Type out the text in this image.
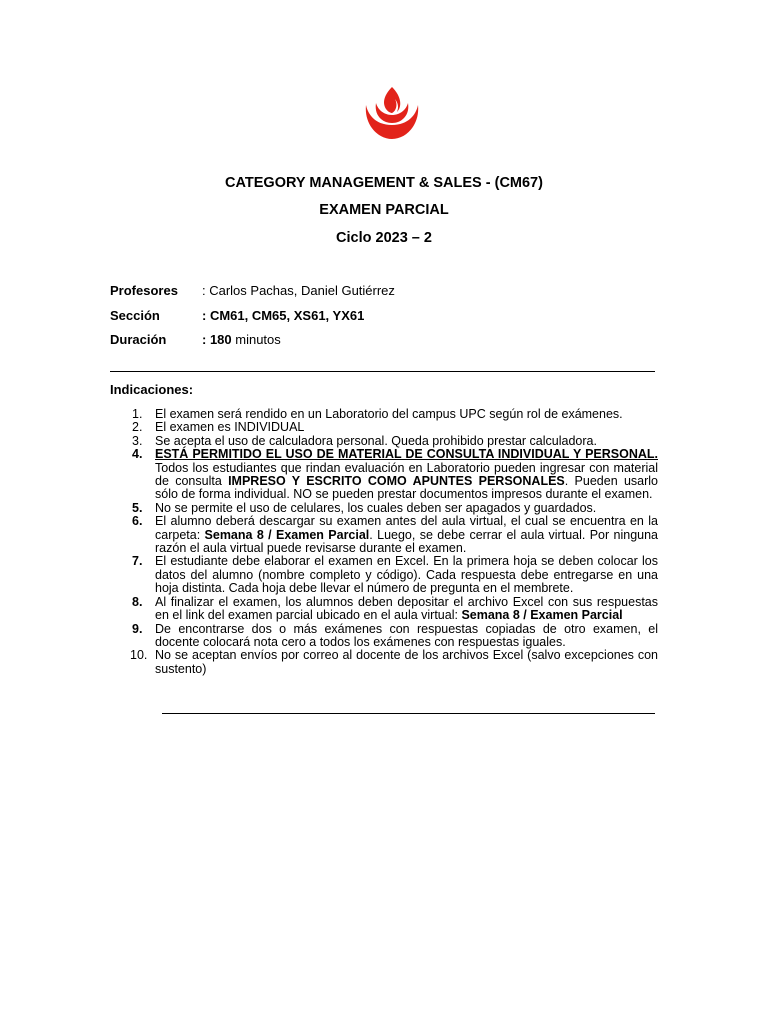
CATEGORY MANAGEMENT & SALES - (CM67)
EXAMEN PARCIAL
Ciclo 2023 – 2
Profesores : Carlos Pachas, Daniel Gutiérrez
Sección	: CM61, CM65, XS61, YX61
Duración	: 180 minutos
Indicaciones:
1.	El examen será rendido en un Laboratorio del campus UPC según rol de exámenes.
2.	El examen es INDIVIDUAL
3.	Se acepta el uso de calculadora personal. Queda prohibido prestar calculadora.
4.	ESTÁ PERMITIDO EL USO DE MATERIAL DE CONSULTA INDIVIDUAL Y PERSONAL. Todos los estudiantes que rindan evaluación en Laboratorio pueden ingresar con material de consulta IMPRESO Y ESCRITO COMO APUNTES PERSONALES. Pueden usarlo sólo de forma individual. NO se pueden prestar documentos impresos durante el examen.
5.	No se permite el uso de celulares, los cuales deben ser apagados y guardados.
6.	El alumno deberá descargar su examen antes del aula virtual, el cual se encuentra en la carpeta: Semana 8 / Examen Parcial. Luego, se debe cerrar el aula virtual. Por ninguna razón el aula virtual puede revisarse durante el examen.
7.	El estudiante debe elaborar el examen en Excel. En la primera hoja se deben colocar los datos del alumno (nombre completo y código). Cada respuesta debe entregarse en una hoja distinta. Cada hoja debe llevar el número de pregunta en el membrete.
8.	Al finalizar el examen, los alumnos deben depositar el archivo Excel con sus respuestas en el link del examen parcial ubicado en el aula virtual: Semana 8 / Examen Parcial
9.	De encontrarse dos o más exámenes con respuestas copiadas de otro examen, el docente colocará nota cero a todos los exámenes con respuestas iguales.
10. No se aceptan envíos por correo al docente de los archivos Excel (salvo excepciones con sustento)
